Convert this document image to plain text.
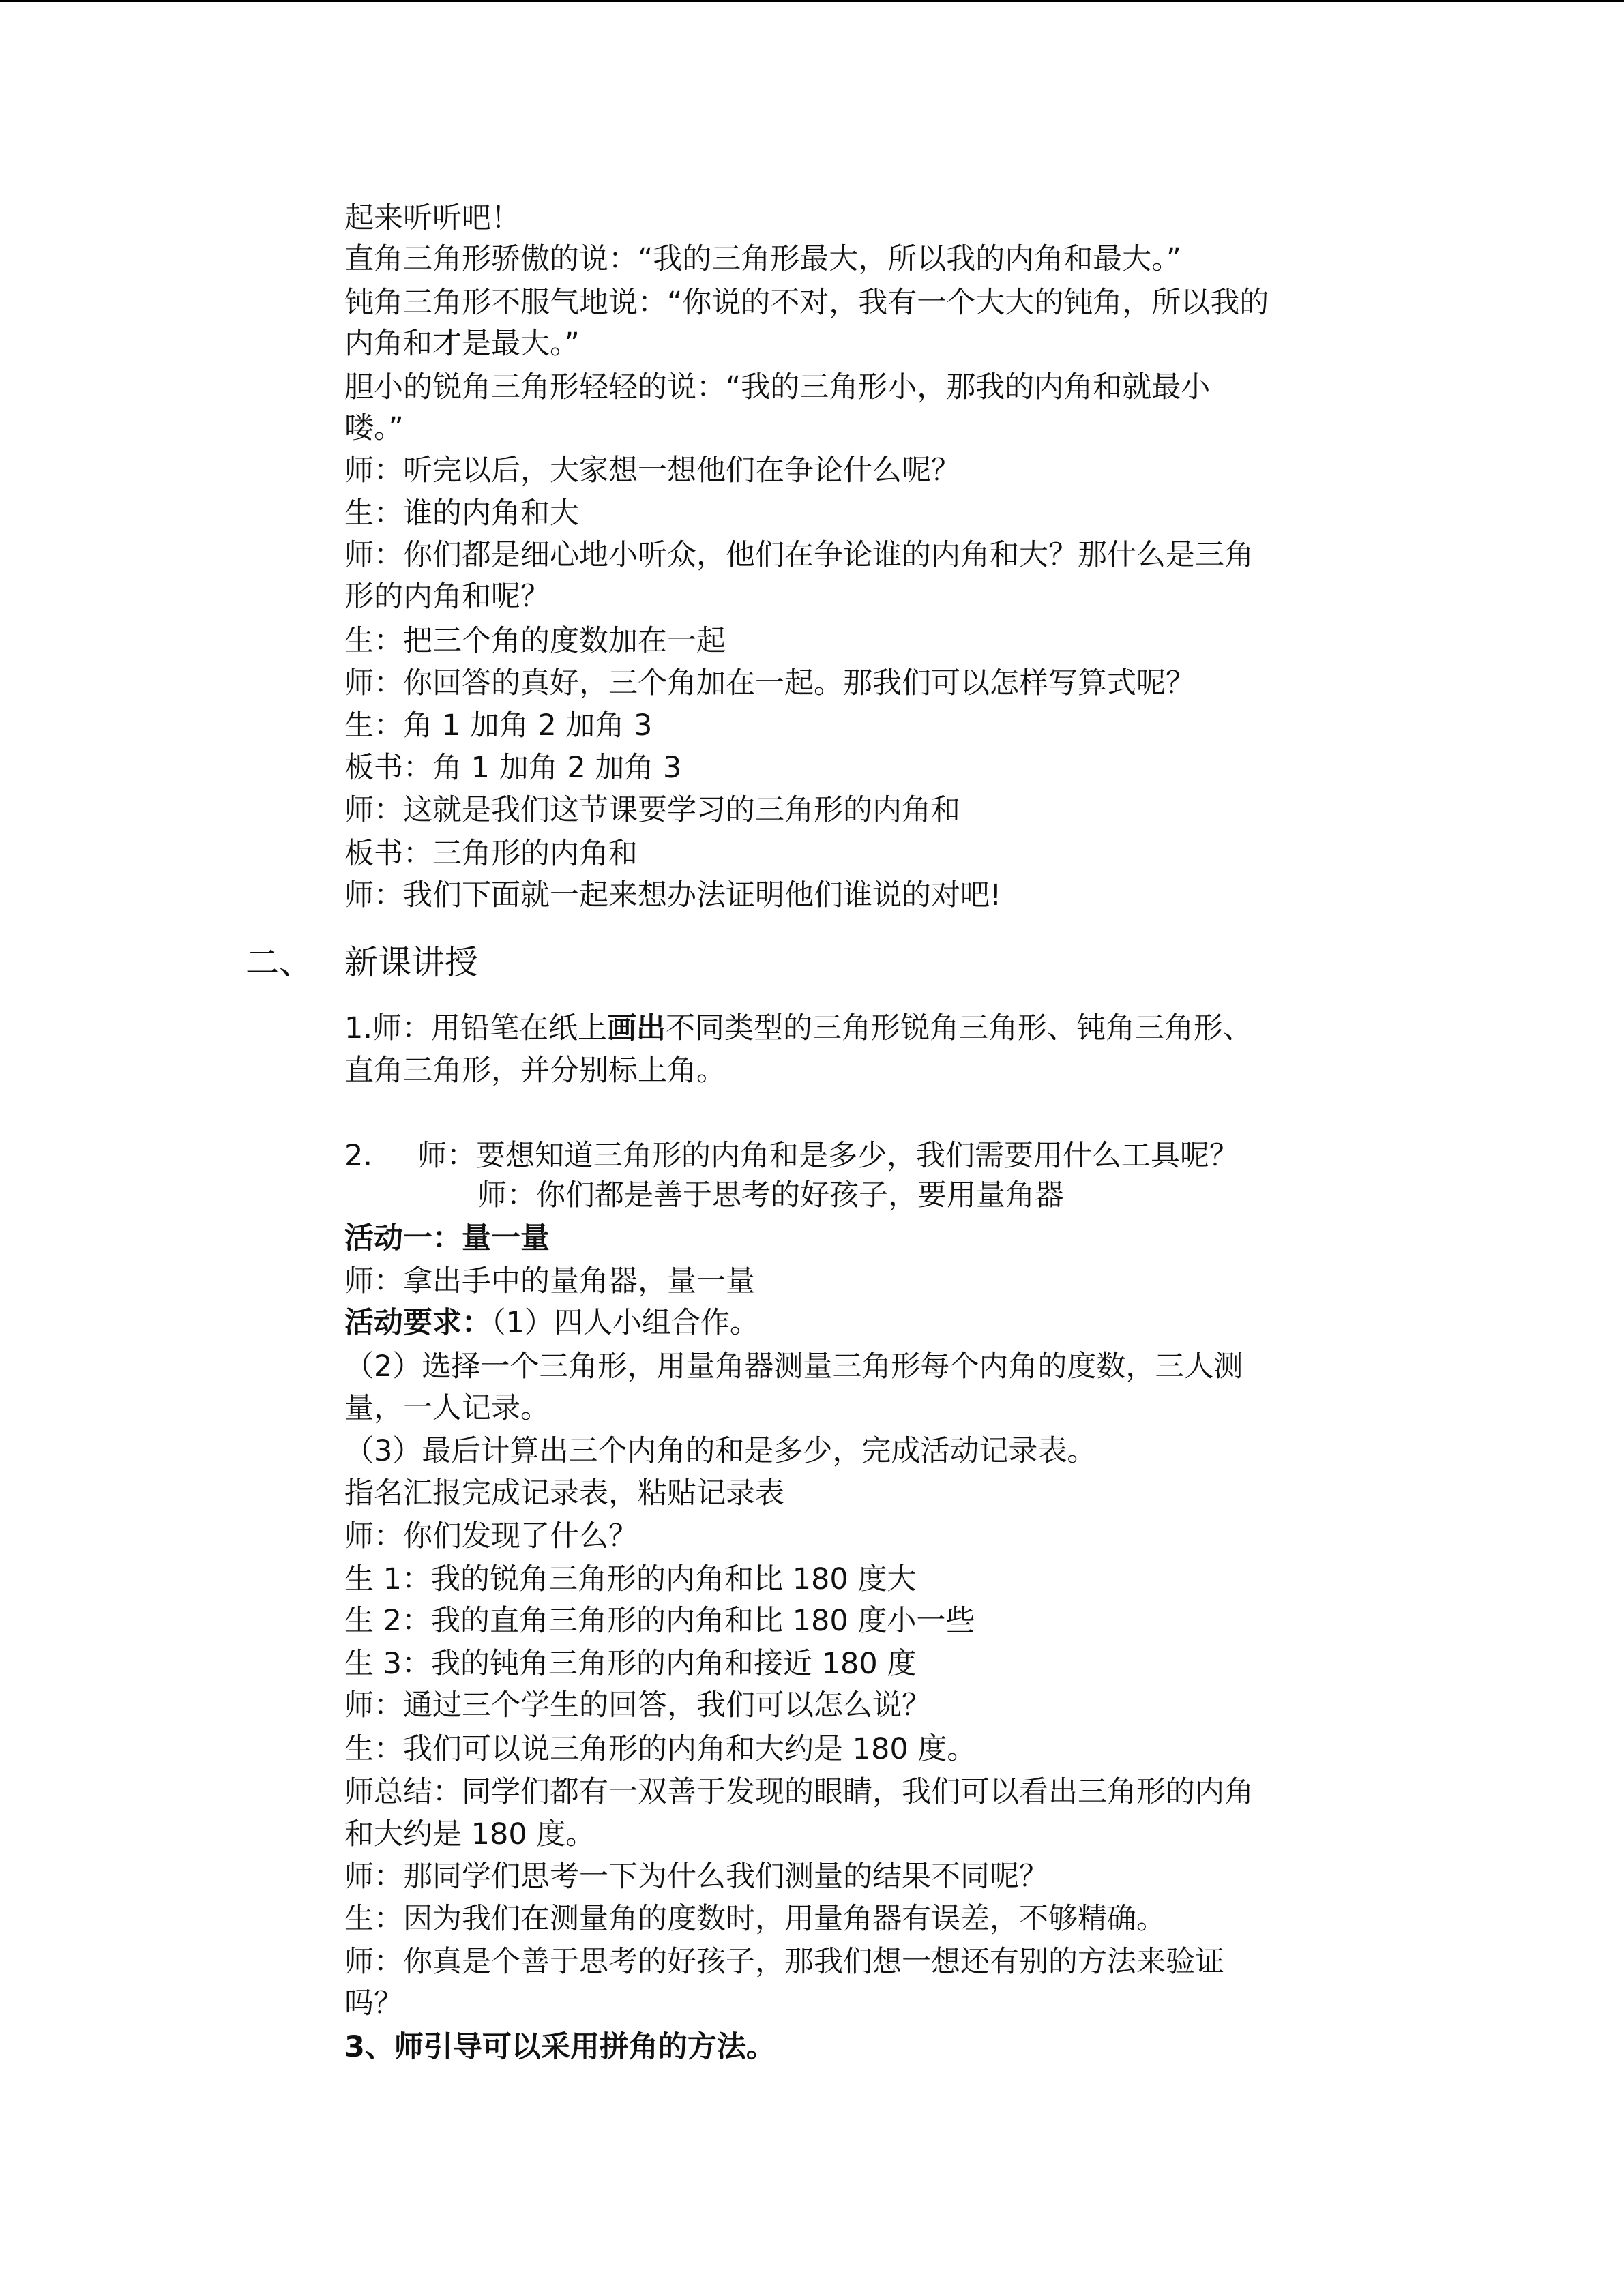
起来听听吧！
直角三角形骄傲的说：“我的三角形最大，所以我的内角和最大。”
钝角三角形不服气地说：“你说的不对，我有一个大大的钝角，所以我的
内角和才是最大。”
胆小的锐角三角形轻轻的说：“我的三角形小，那我的内角和就最小
喽。”
师：听完以后，大家想一想他们在争论什么呢？
生：谁的内角和大
师：你们都是细心地小听众，他们在争论谁的内角和大？那什么是三角
形的内角和呢？
生：把三个角的度数加在一起
师：你回答的真好，三个角加在一起。那我们可以怎样写算式呢？
生：角 1 加角 2 加角 3
板书：角 1 加角 2 加角 3
师：这就是我们这节课要学习的三角形的内角和
板书：三角形的内角和
师：我们下面就一起来想办法证明他们谁说的对吧!
二、 新课讲授
1.师：用铅笔在纸上画出不同类型的三角形锐角三角形、钝角三角形、
直角三角形，并分别标上角。
2. 师：要想知道三角形的内角和是多少，我们需要用什么工具呢？
师：你们都是善于思考的好孩子，要用量角器
活动一：量一量
师：拿出手中的量角器，量一量
活动要求：（1）四人小组合作。
（2）选择一个三角形，用量角器测量三角形每个内角的度数，三人测
量，一人记录。
（3）最后计算出三个内角的和是多少，完成活动记录表。
指名汇报完成记录表，粘贴记录表
师：你们发现了什么？
生 1：我的锐角三角形的内角和比 180 度大
生 2：我的直角三角形的内角和比 180 度小一些
生 3：我的钝角三角形的内角和接近 180 度
师：通过三个学生的回答，我们可以怎么说？
生：我们可以说三角形的内角和大约是 180 度。
师总结：同学们都有一双善于发现的眼睛，我们可以看出三角形的内角
和大约是 180 度。
师：那同学们思考一下为什么我们测量的结果不同呢？
生：因为我们在测量角的度数时，用量角器有误差，不够精确。
师：你真是个善于思考的好孩子，那我们想一想还有别的方法来验证
吗？
3、师引导可以采用拼角的方法。
